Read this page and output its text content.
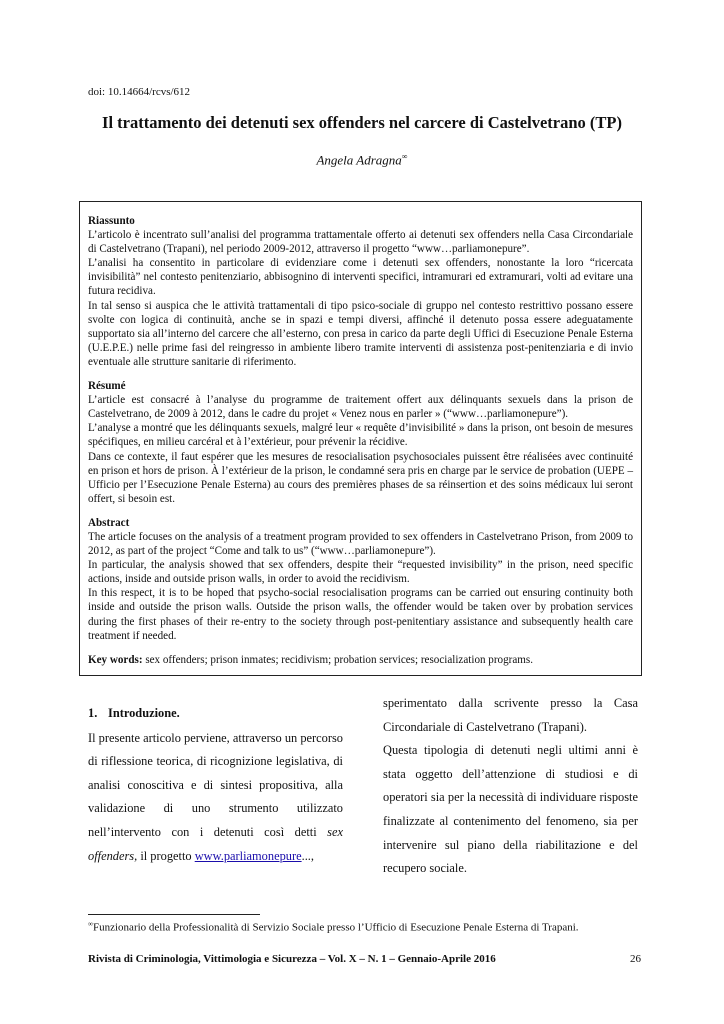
doi: 10.14664/rcvs/612
Il trattamento dei detenuti sex offenders nel carcere di Castelvetrano (TP)
Angela Adragna∞
Riassunto

L’articolo è incentrato sull’analisi del programma trattamentale offerto ai detenuti sex offenders nella Casa Circondariale di Castelvetrano (Trapani), nel periodo 2009-2012, attraverso il progetto “www…parliamonepure”.

L’analisi ha consentito in particolare di evidenziare come i detenuti sex offenders, nonostante la loro “ricercata invisibilità” nel contesto penitenziario, abbisognino di interventi specifici, intramurari ed extramurari, volti ad evitare una futura recidiva.

In tal senso si auspica che le attività trattamentali di tipo psico-sociale di gruppo nel contesto restrittivo possano essere svolte con logica di continuità, anche se in spazi e tempi diversi, affinché il detenuto possa essere adeguatamente supportato sia all’interno del carcere che all’esterno, con presa in carico da parte degli Uffici di Esecuzione Penale Esterna (U.E.P.E.) nelle prime fasi del reingresso in ambiente libero tramite interventi di assistenza post-penitenziaria e di invio eventuale alle strutture sanitarie di riferimento.

Résumé

L’article est consacré à l’analyse du programme de traitement offert aux délinquants sexuels dans la prison de Castelvetrano, de 2009 à 2012, dans le cadre du projet « Venez nous en parler » (“www…parliamonepure”).

L’analyse a montré que les délinquants sexuels, malgré leur « requête d’invisibilité » dans la prison, ont besoin de mesures spécifiques, en milieu carcéral et à l’extérieur, pour prévenir la récidive.

Dans ce contexte, il faut espérer que les mesures de resocialisation psychosociales puissent être réalisées avec continuité en prison et hors de prison. À l’extérieur de la prison, le condamné sera pris en charge par le service de probation (UEPE – Ufficio per l’Esecuzione Penale Esterna) au cours des premières phases de sa réinsertion et des soins médicaux lui seront offert, si besoin est.

Abstract

The article focuses on the analysis of a treatment program provided to sex offenders in Castelvetrano Prison, from 2009 to 2012, as part of the project “Come and talk to us” (“www…parliamonepure”).

In particular, the analysis showed that sex offenders, despite their “requested invisibility” in the prison, need specific actions, inside and outside prison walls, in order to avoid the recidivism.

In this respect, it is to be hoped that psycho-social resocialisation programs can be carried out ensuring continuity both inside and outside the prison walls. Outside the prison walls, the offender would be taken over by probation services during the first phases of their re-entry to the society through post-penitentiary assistance and subsequently health care treatment if needed.

Key words: sex offenders; prison inmates; recidivism; probation services; resocialization programs.

1. Introduzione.

Il presente articolo perviene, attraverso un percorso di riflessione teorica, di ricognizione legislativa, di analisi conoscitiva e di sintesi propositiva, alla validazione di uno strumento utilizzato nell’intervento con i detenuti così detti sex offenders, il progetto www.parliamonepure...,

sperimentato dalla scrivente presso la Casa Circondariale di Castelvetrano (Trapani).

Questa tipologia di detenuti negli ultimi anni è stata oggetto dell’attenzione di studiosi e di operatori sia per la necessità di individuare risposte finalizzate al contenimento del fenomeno, sia per intervenire sul piano della riabilitazione e del recupero sociale.

∞Funzionario della Professionalità di Servizio Sociale presso l’Ufficio di Esecuzione Penale Esterna di Trapani.
Rivista di Criminologia, Vittimologia e Sicurezza – Vol. X – N. 1 – Gennaio-Aprile 2016	26
